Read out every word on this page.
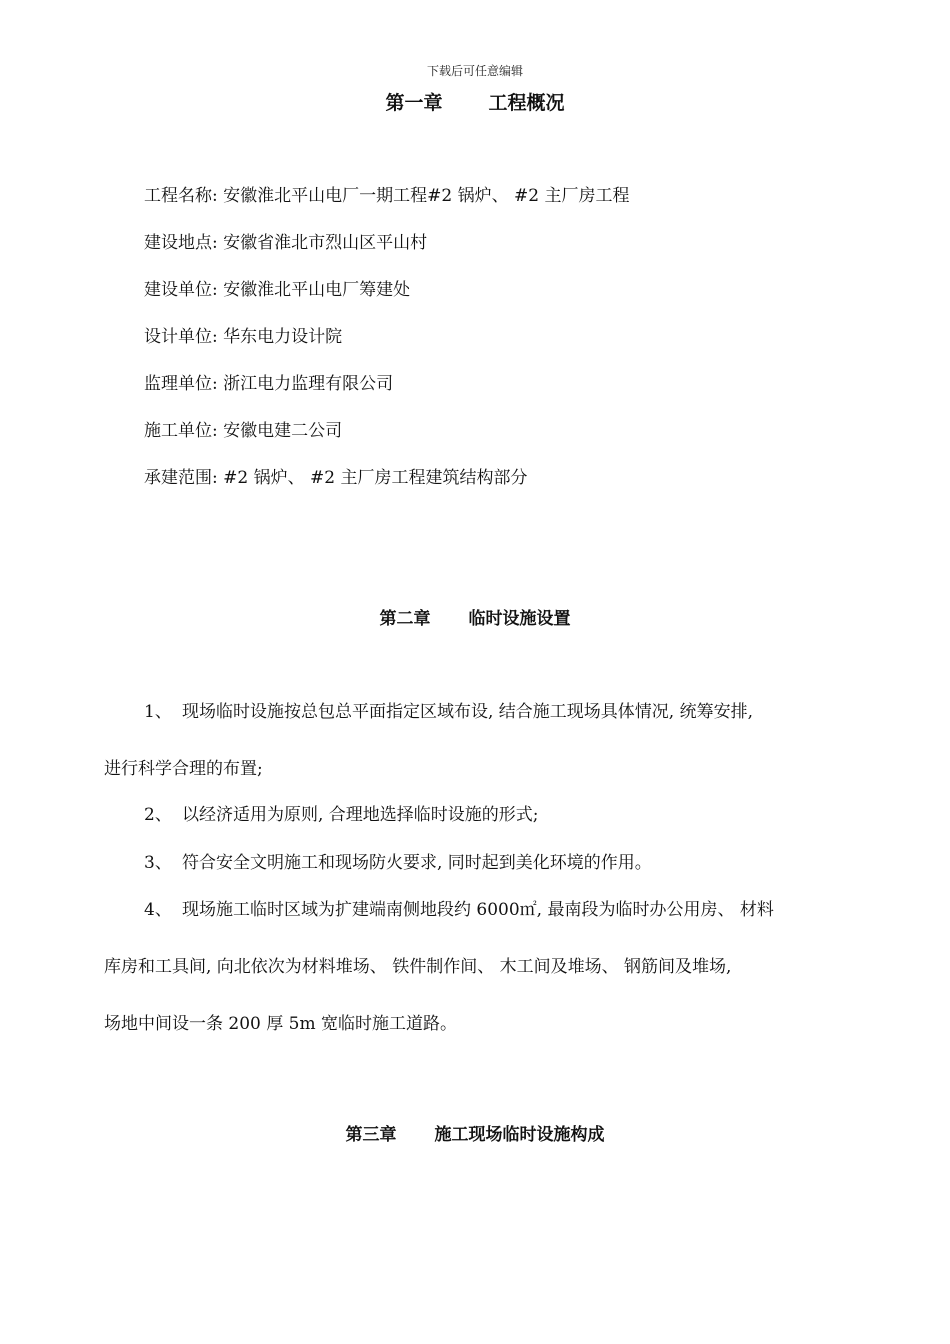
下载后可任意编辑
第一章 工程概况
工程名称: 安徽淮北平山电厂一期工程#2 锅炉、 #2 主厂房工程
建设地点: 安徽省淮北市烈山区平山村
建设单位: 安徽淮北平山电厂筹建处
设计单位: 华东电力设计院
监理单位: 浙江电力监理有限公司
施工单位: 安徽电建二公司
承建范围: #2 锅炉、 #2 主厂房工程建筑结构部分
第二章 临时设施设置
1、 现场临时设施按总包总平面指定区域布设, 结合施工现场具体情况, 统筹安排,
进行科学合理的布置;
2、 以经济适用为原则, 合理地选择临时设施的形式;
3、 符合安全文明施工和现场防火要求, 同时起到美化环境的作用。
4、 现场施工临时区域为扩建端南侧地段约 6000㎡, 最南段为临时办公用房、 材料
库房和工具间, 向北依次为材料堆场、 铁件制作间、 木工间及堆场、 钢筋间及堆场,
场地中间设一条 200 厚 5m 宽临时施工道路。
第三章 施工现场临时设施构成
